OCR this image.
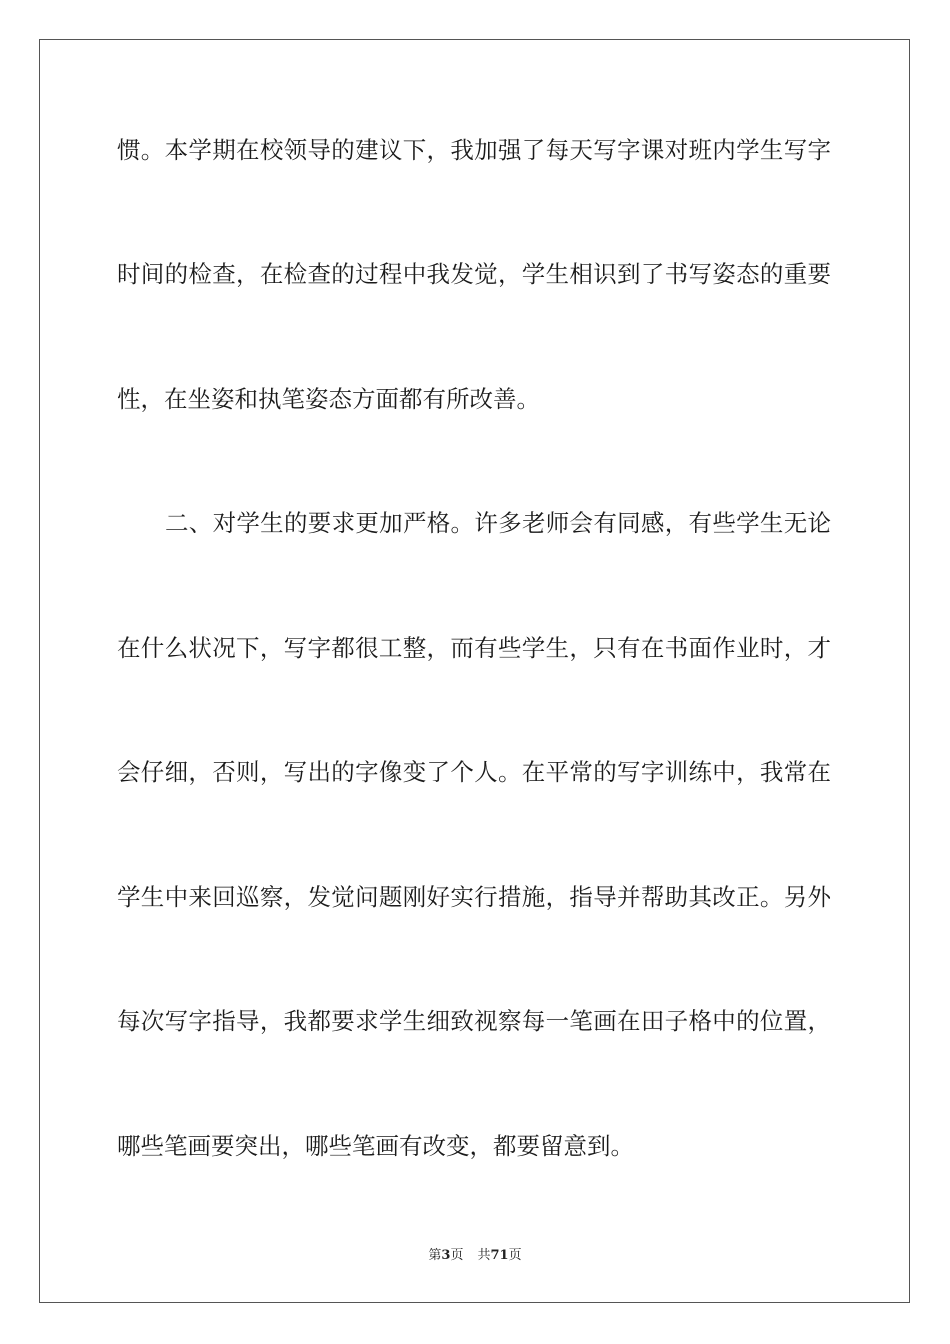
惯。本学期在校领导的建议下，我加强了每天写字课对班内学生写字
时间的检查，在检查的过程中我发觉，学生相识到了书写姿态的重要
性，在坐姿和执笔姿态方面都有所改善。
二、对学生的要求更加严格。许多老师会有同感，有些学生无论
在什么状况下，写字都很工整，而有些学生，只有在书面作业时，才
会仔细，否则，写出的字像变了个人。在平常的写字训练中，我常在
学生中来回巡察，发觉问题刚好实行措施，指导并帮助其改正。另外
每次写字指导，我都要求学生细致视察每一笔画在田子格中的位置，
哪些笔画要突出，哪些笔画有改变，都要留意到。
第3页 共71页
